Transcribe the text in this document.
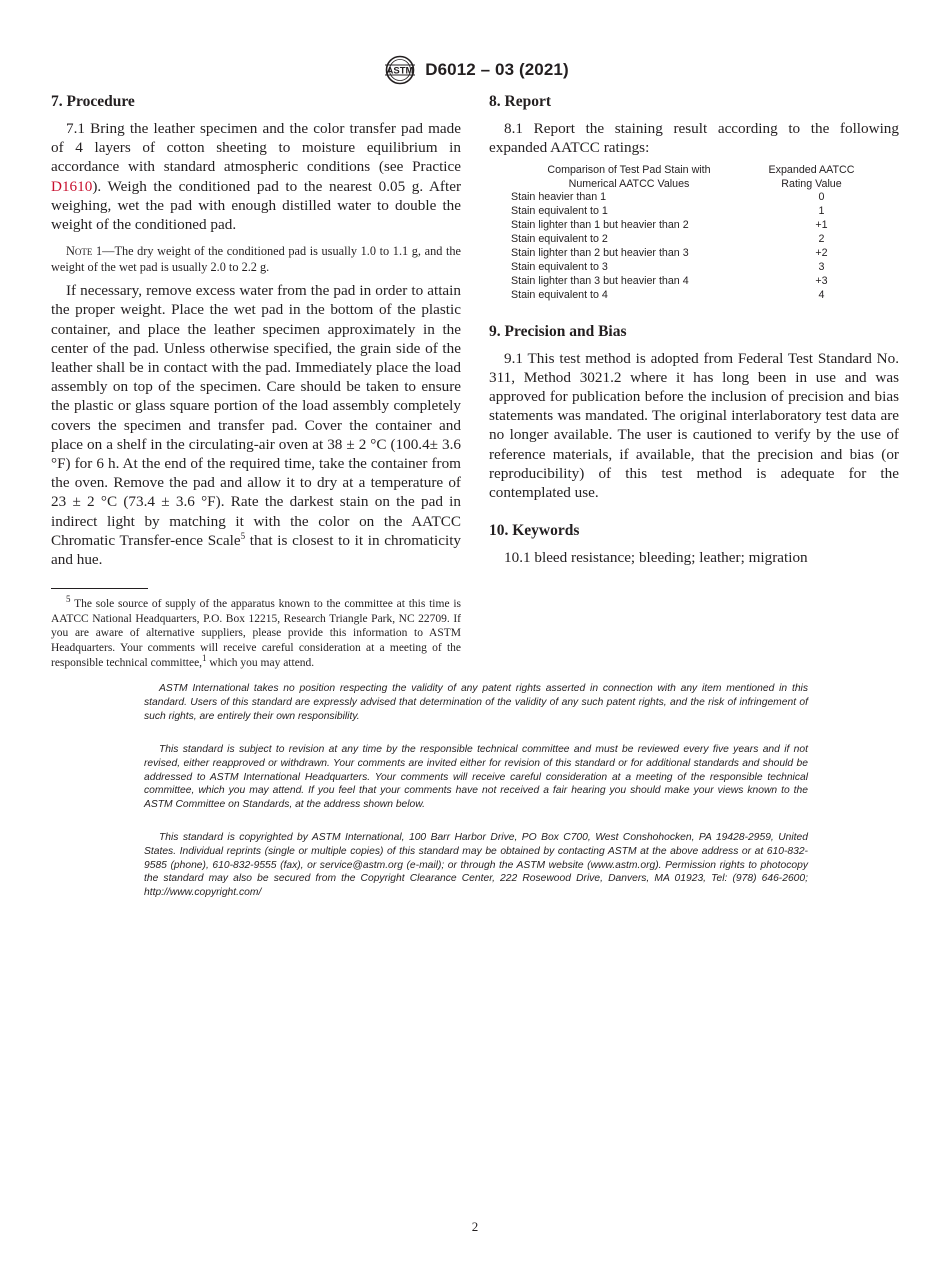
ASTM D6012 – 03 (2021)
7. Procedure

7.1 Bring the leather specimen and the color transfer pad made of 4 layers of cotton sheeting to moisture equilibrium in accordance with standard atmospheric conditions (see Practice D1610). Weigh the conditioned pad to the nearest 0.05 g. After weighing, wet the pad with enough distilled water to double the weight of the conditioned pad.

Note 1—The dry weight of the conditioned pad is usually 1.0 to 1.1 g, and the weight of the wet pad is usually 2.0 to 2.2 g.

If necessary, remove excess water from the pad in order to attain the proper weight. Place the wet pad in the bottom of the plastic container, and place the leather specimen approximately in the center of the pad. Unless otherwise specified, the grain side of the leather shall be in contact with the pad. Immediately place the load assembly on top of the specimen. Care should be taken to ensure the plastic or glass square portion of the load assembly completely covers the specimen and transfer pad. Cover the container and place on a shelf in the circulating-air oven at 38 ± 2 °C (100.4± 3.6 °F) for 6 h. At the end of the required time, take the container from the oven. Remove the pad and allow it to dry at a temperature of 23 ± 2 °C (73.4 ± 3.6 °F). Rate the darkest stain on the pad in indirect light by matching it with the color on the AATCC Chromatic Transfer-ence Scale$^5$ that is closest to it in chromaticity and hue.

$^5$ The sole source of supply of the apparatus known to the committee at this time is AATCC National Headquarters, P.O. Box 12215, Research Triangle Park, NC 22709. If you are aware of alternative suppliers, please provide this information to ASTM Headquarters. Your comments will receive careful consideration at a meeting of the responsible technical committee,$^1$ which you may attend.

8. Report

8.1 Report the staining result according to the following expanded AATCC ratings:

Comparison of Test Pad Stain with
Numerical AATCC Values	Expanded AATCC
Rating Value
Stain heavier than 1	0
Stain equivalent to 1	1
Stain lighter than 1 but heavier than 2	+1
Stain equivalent to 2	2
Stain lighter than 2 but heavier than 3	+2
Stain equivalent to 3	3
Stain lighter than 3 but heavier than 4	+3
Stain equivalent to 4	4
9. Precision and Bias

9.1 This test method is adopted from Federal Test Standard No. 311, Method 3021.2 where it has long been in use and was approved for publication before the inclusion of precision and bias statements was mandated. The original interlaboratory test data are no longer available. The user is cautioned to verify by the use of reference materials, if available, that the precision and bias (or reproducibility) of this test method is adequate for the contemplated use.

10. Keywords

10.1 bleed resistance; bleeding; leather; migration

ASTM International takes no position respecting the validity of any patent rights asserted in connection with any item mentioned in this standard. Users of this standard are expressly advised that determination of the validity of any such patent rights, and the risk of infringement of such rights, are entirely their own responsibility.

This standard is subject to revision at any time by the responsible technical committee and must be reviewed every five years and if not revised, either reapproved or withdrawn. Your comments are invited either for revision of this standard or for additional standards and should be addressed to ASTM International Headquarters. Your comments will receive careful consideration at a meeting of the responsible technical committee, which you may attend. If you feel that your comments have not received a fair hearing you should make your views known to the ASTM Committee on Standards, at the address shown below.

This standard is copyrighted by ASTM International, 100 Barr Harbor Drive, PO Box C700, West Conshohocken, PA 19428-2959, United States. Individual reprints (single or multiple copies) of this standard may be obtained by contacting ASTM at the above address or at 610-832-9585 (phone), 610-832-9555 (fax), or service@astm.org (e-mail); or through the ASTM website (www.astm.org). Permission rights to photocopy the standard may also be secured from the Copyright Clearance Center, 222 Rosewood Drive, Danvers, MA 01923, Tel: (978) 646-2600; http://www.copyright.com/

2
